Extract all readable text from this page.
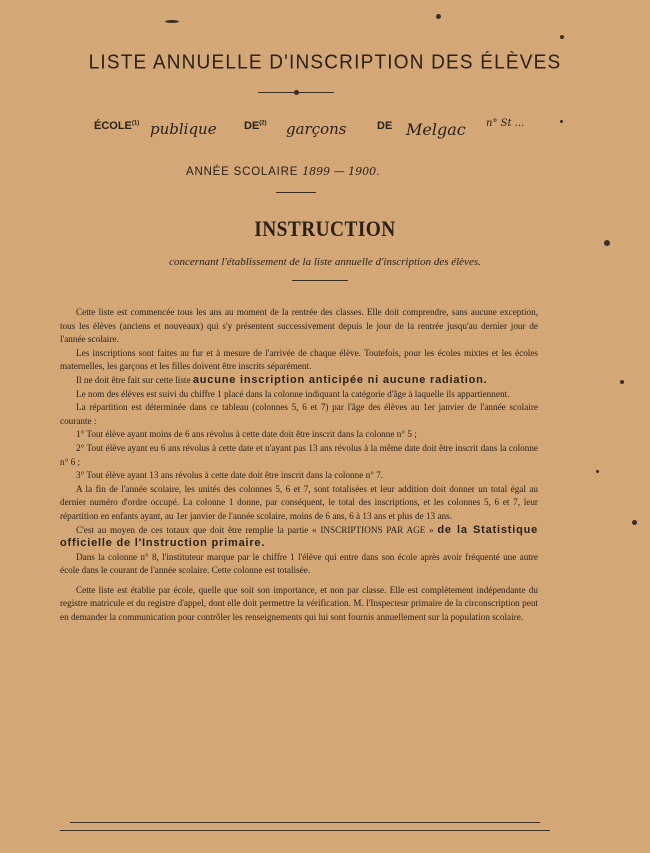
LISTE ANNUELLE D'INSCRIPTION DES ÉLÈVES
ÉCOLE$^{(1)}$ publique DE$^{(2)}$ garçons	DE Melgac n° St ...
ANNÉE SCOLAIRE 1899 — 1900.
INSTRUCTION
concernant l'établissement de la liste annuelle d'inscription des élèves.

Cette liste est commencée tous les ans au moment de la rentrée des classes. Elle doit comprendre, sans aucune exception, tous les élèves (anciens et nouveaux) qui s'y présentent successivement depuis le jour de la rentrée jusqu'au dernier jour de l'année scolaire.

Les inscriptions sont faites au fur et à mesure de l'arrivée de chaque élève. Toutefois, pour les écoles mixtes et les écoles maternelles, les garçons et les filles doivent être inscrits séparément.

Il ne doit être fait sur cette liste aucune inscription anticipée ni aucune radiation.

Le nom des élèves est suivi du chiffre 1 placé dans la colonne indiquant la catégorie d'âge à laquelle ils appartiennent.

La répartition est déterminée dans ce tableau (colonnes 5, 6 et 7) par l'âge des élèves au 1er janvier de l'année scolaire courante :

1° Tout élève ayant moins de 6 ans révolus à cette date doit être inscrit dans la colonne n° 5 ;

2° Tout élève ayant eu 6 ans révolus à cette date et n'ayant pas 13 ans révolus à la même date doit être inscrit dans la colonne n° 6 ;

3° Tout élève ayant 13 ans révolus à cette date doit être inscrit dans la colonne n° 7.

A la fin de l'année scolaire, les unités des colonnes 5, 6 et 7, sont totalisées et leur addition doit donner un total égal au dernier numéro d'ordre occupé. La colonne 1 donne, par conséquent, le total des inscriptions, et les colonnes 5, 6 et 7, leur répartition en enfants ayant, au 1er janvier de l'année scolaire, moins de 6 ans, 6 à 13 ans et plus de 13 ans.

C'est au moyen de ces totaux que doit être remplie la partie « INSCRIPTIONS PAR AGE » de la Statistique officielle de l'Instruction primaire.

Dans la colonne n° 8, l'instituteur marque par le chiffre 1 l'élève qui entre dans son école après avoir fréquenté une autre école dans le courant de l'année scolaire. Cette colonne est totalisée.

Cette liste est établie par école, quelle que soit son importance, et non par classe. Elle est complètement indépendante du registre matricule et du registre d'appel, dont elle doit permettre la vérification. M. l'Inspecteur primaire de la circonscription peut en demander la communication pour contrôler les renseignements qui lui sont fournis annuellement sur la population scolaire.
